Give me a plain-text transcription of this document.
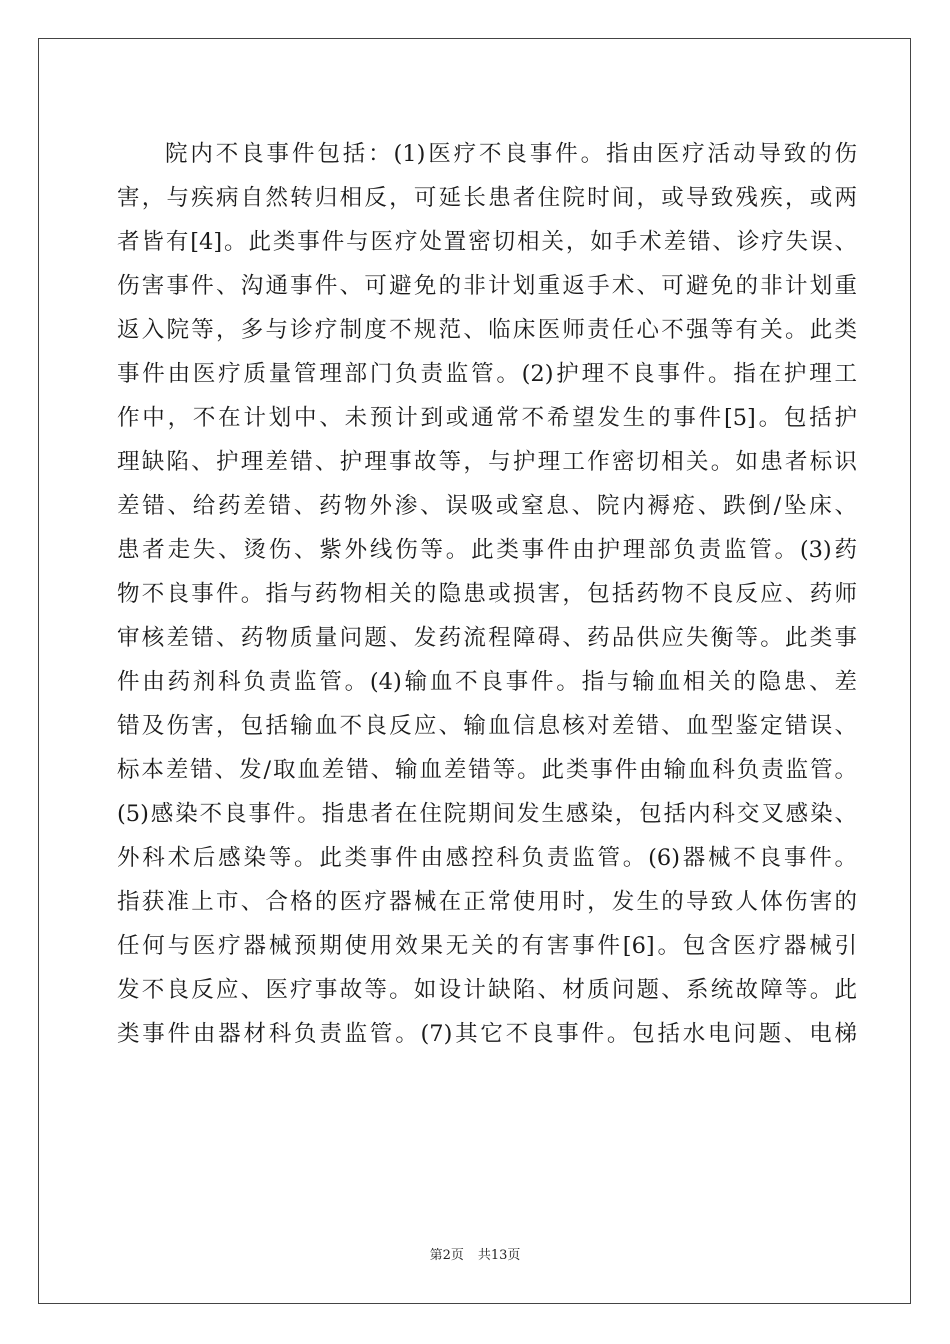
院内不良事件包括：(1)医疗不良事件。指由医疗活动导致的伤
害，与疾病自然转归相反，可延长患者住院时间，或导致残疾，或两
者皆有[4]。此类事件与医疗处置密切相关，如手术差错、诊疗失误、
伤害事件、沟通事件、可避免的非计划重返手术、可避免的非计划重
返入院等，多与诊疗制度不规范、临床医师责任心不强等有关。此类
事件由医疗质量管理部门负责监管。(2)护理不良事件。指在护理工
作中，不在计划中、未预计到或通常不希望发生的事件[5]。包括护
理缺陷、护理差错、护理事故等，与护理工作密切相关。如患者标识
差错、给药差错、药物外渗、误吸或窒息、院内褥疮、跌倒/坠床、
患者走失、烫伤、紫外线伤等。此类事件由护理部负责监管。(3)药
物不良事件。指与药物相关的隐患或损害，包括药物不良反应、药师
审核差错、药物质量问题、发药流程障碍、药品供应失衡等。此类事
件由药剂科负责监管。(4)输血不良事件。指与输血相关的隐患、差
错及伤害，包括输血不良反应、输血信息核对差错、血型鉴定错误、
标本差错、发/取血差错、输血差错等。此类事件由输血科负责监管。
(5)感染不良事件。指患者在住院期间发生感染，包括内科交叉感染、
外科术后感染等。此类事件由感控科负责监管。(6)器械不良事件。
指获准上市、合格的医疗器械在正常使用时，发生的导致人体伤害的
任何与医疗器械预期使用效果无关的有害事件[6]。包含医疗器械引
发不良反应、医疗事故等。如设计缺陷、材质问题、系统故障等。此
类事件由器材科负责监管。(7)其它不良事件。包括水电问题、电梯
第2页 共13页
